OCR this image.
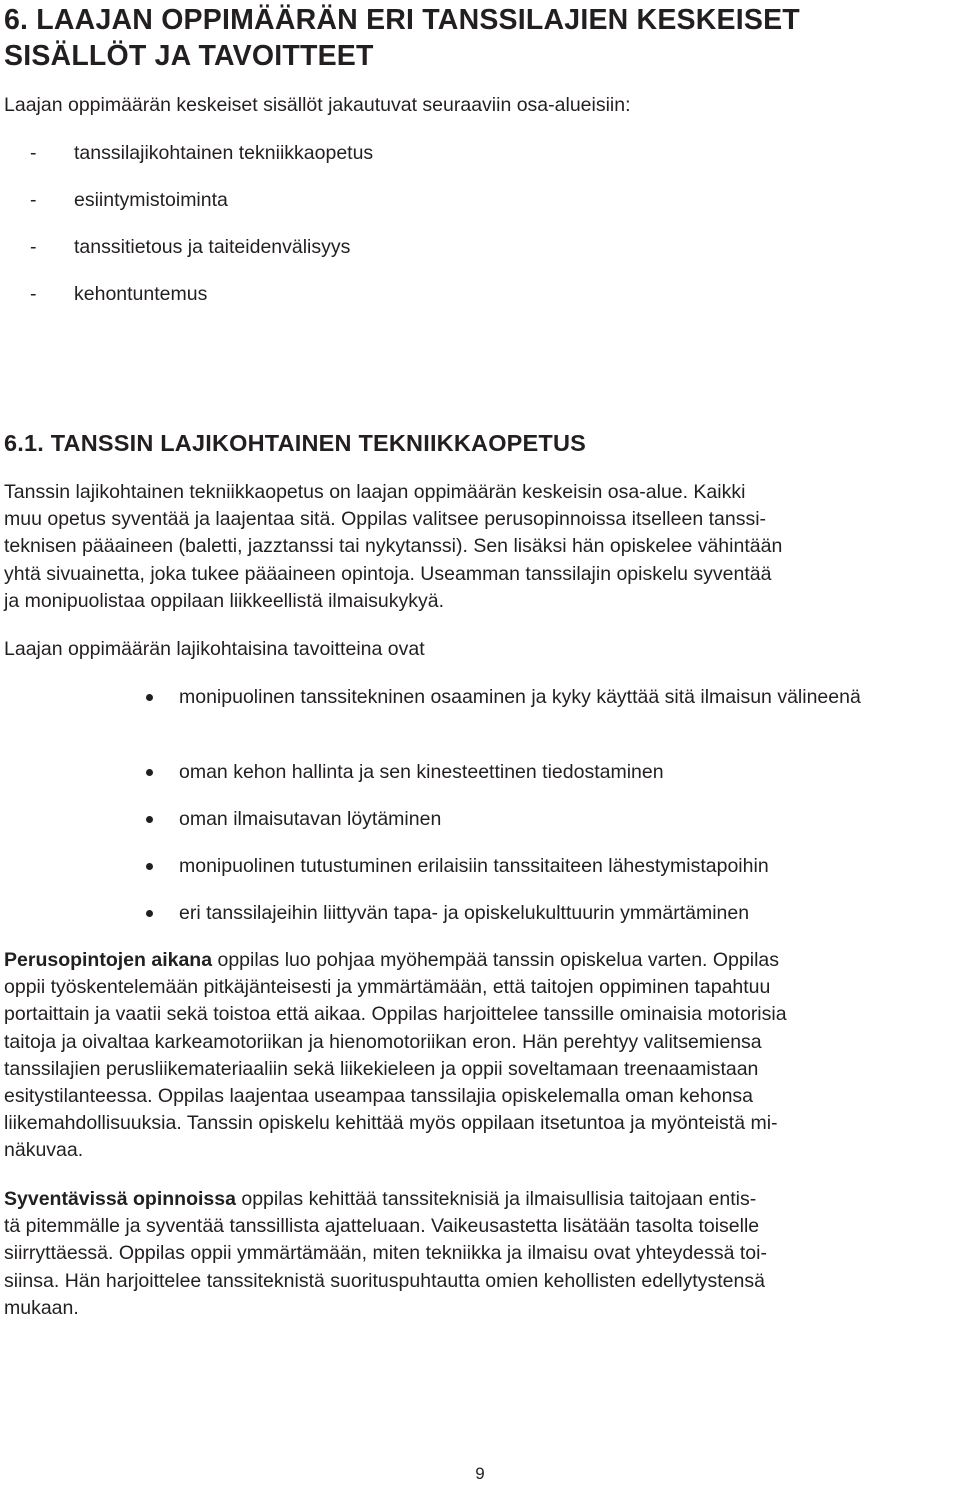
6. LAAJAN OPPIMÄÄRÄN ERI TANSSILAJIEN KESKEISET
SISÄLLÖT JA TAVOITTEET
Laajan oppimäärän keskeiset sisällöt jakautuvat seuraaviin osa-alueisiin:
- tanssilajikohtainen tekniikkaopetus
- esiintymistoiminta
- tanssitietous ja taiteidenvälisyys
- kehontuntemus
6.1. TANSSIN LAJIKOHTAINEN TEKNIIKKAOPETUS

Tanssin lajikohtainen tekniikkaopetus on laajan oppimäärän keskeisin osa-alue. Kaikki

muu opetus syventää ja laajentaa sitä. Oppilas valitsee perusopinnoissa itselleen tanssi-

teknisen pääaineen (baletti, jazztanssi tai nykytanssi). Sen lisäksi hän opiskelee vähintään

yhtä sivuainetta, joka tukee pääaineen opintoja. Useamman tanssilajin opiskelu syventää

ja monipuolistaa oppilaan liikkeellistä ilmaisukykyä.

Laajan oppimäärän lajikohtaisina tavoitteina ovat

monipuolinen tanssitekninen osaaminen ja kyky käyttää sitä ilmaisun välineenä
oman kehon hallinta ja sen kinesteettinen tiedostaminen
oman ilmaisutavan löytäminen
monipuolinen tutustuminen erilaisiin tanssitaiteen lähestymistapoihin
eri tanssilajeihin liittyvän tapa- ja opiskelukulttuurin ymmärtäminen

Perusopintojen aikana oppilas luo pohjaa myöhempää tanssin opiskelua varten. Oppilas

oppii työskentelemään pitkäjänteisesti ja ymmärtämään, että taitojen oppiminen tapahtuu

portaittain ja vaatii sekä toistoa että aikaa. Oppilas harjoittelee tanssille ominaisia motorisia

taitoja ja oivaltaa karkeamotoriikan ja hienomotoriikan eron. Hän perehtyy valitsemiensa

tanssilajien perusliikemateriaaliin sekä liikekieleen ja oppii soveltamaan treenaamistaan

esitystilanteessa. Oppilas laajentaa useampaa tanssilajia opiskelemalla oman kehonsa

liikemahdollisuuksia. Tanssin opiskelu kehittää myös oppilaan itsetuntoa ja myönteistä mi-

näkuvaa.

Syventävissä opinnoissa oppilas kehittää tanssiteknisiä ja ilmaisullisia taitojaan entis-

tä pitemmälle ja syventää tanssillista ajatteluaan. Vaikeusastetta lisätään tasolta toiselle

siirryttäessä. Oppilas oppii ymmärtämään, miten tekniikka ja ilmaisu ovat yhteydessä toi-

siinsa. Hän harjoittelee tanssiteknistä suorituspuhtautta omien kehollisten edellytystensä

mukaan.

9
